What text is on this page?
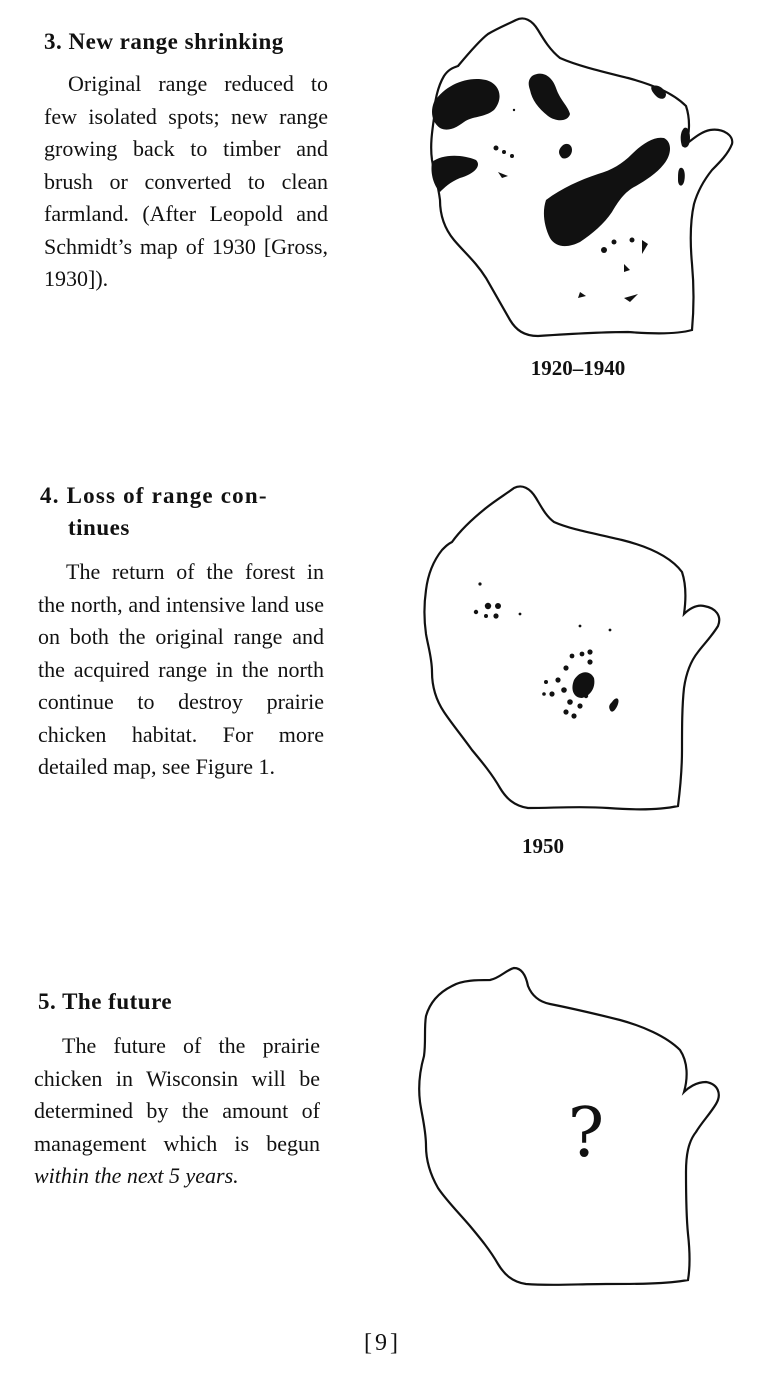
3. New range shrinking

Original range reduced to few isolated spots; new range growing back to timber and brush or converted to clean farmland. (After Leopold and Schmidt’s map of 1930 [Gross, 1930]).

1920–1940
4. Loss of range con-
tinues

The return of the forest in the north, and intensive land use on both the original range and the acquired range in the north continue to destroy prairie chicken habitat. For more detailed map, see Figure 1.

1950
5. The future

The future of the prairie chicken in Wisconsin will be determined by the amount of management which is begun within the next 5 years.

?
[9]
